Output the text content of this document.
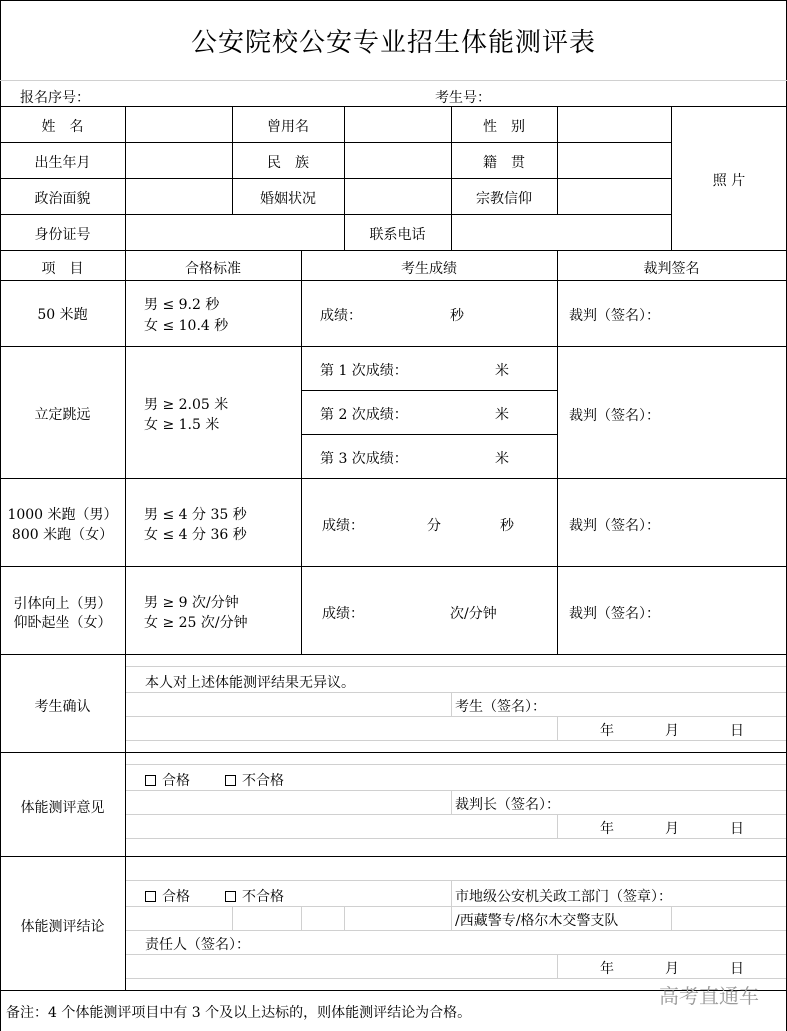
公安院校公安专业招生体能测评表
报名序号：	考生号：
姓　名	曾用名	性　别
出生年月	民　族	籍　贯
政治面貌	婚姻状况	宗教信仰
身份证号	联系电话
照 片
项　目	合格标准	考生成绩	裁判签名
50 米跑
男 ≤ 9.2 秒
女 ≤ 10.4 秒
成绩：	秒	裁判（签名）：
立定跳远
男 ≥ 2.05 米
女 ≥ 1.5 米
第 1 次成绩：	米
第 2 次成绩：	米
第 3 次成绩：	米
裁判（签名）：
1000 米跑（男）
800 米跑（女）
男 ≤ 4 分 35 秒
女 ≤ 4 分 36 秒
成绩：	分	秒	裁判（签名）：
引体向上（男）
仰卧起坐（女）
男 ≥ 9 次/分钟
女 ≥ 25 次/分钟
成绩：	次/分钟	裁判（签名）：
考生确认
本人对上述体能测评结果无异议。
考生（签名）：
年	月	日
体能测评意见
合格	不合格
裁判长（签名）：
年	月	日
体能测评结论
合格	不合格	市地级公安机关政工部门（签章）：
/西藏警专/格尔木交警支队
责任人（签名）：
年	月	日
备注：4 个体能测评项目中有 3 个及以上达标的，则体能测评结论为合格。
高考直通车
